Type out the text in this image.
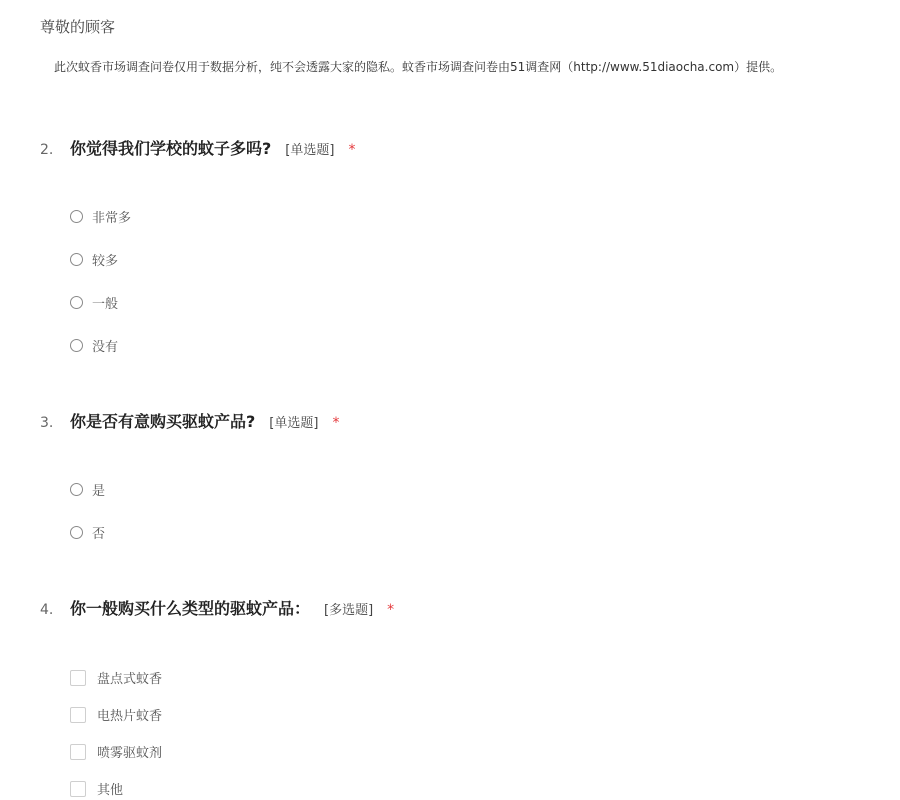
尊敬的顾客
此次蚊香市场调查问卷仅用于数据分析，纯不会透露大家的隐私。蚊香市场调查问卷由51调查网（http://www.51diaocha.com）提供。
2.	你觉得我们学校的蚊子多吗? [单选题] *
非常多
较多
一般
没有
3.	你是否有意购买驱蚊产品? [单选题] *
是
否
4.	你一般购买什么类型的驱蚊产品： [多选题] *
盘点式蚊香
电热片蚊香
喷雾驱蚊剂
其他
